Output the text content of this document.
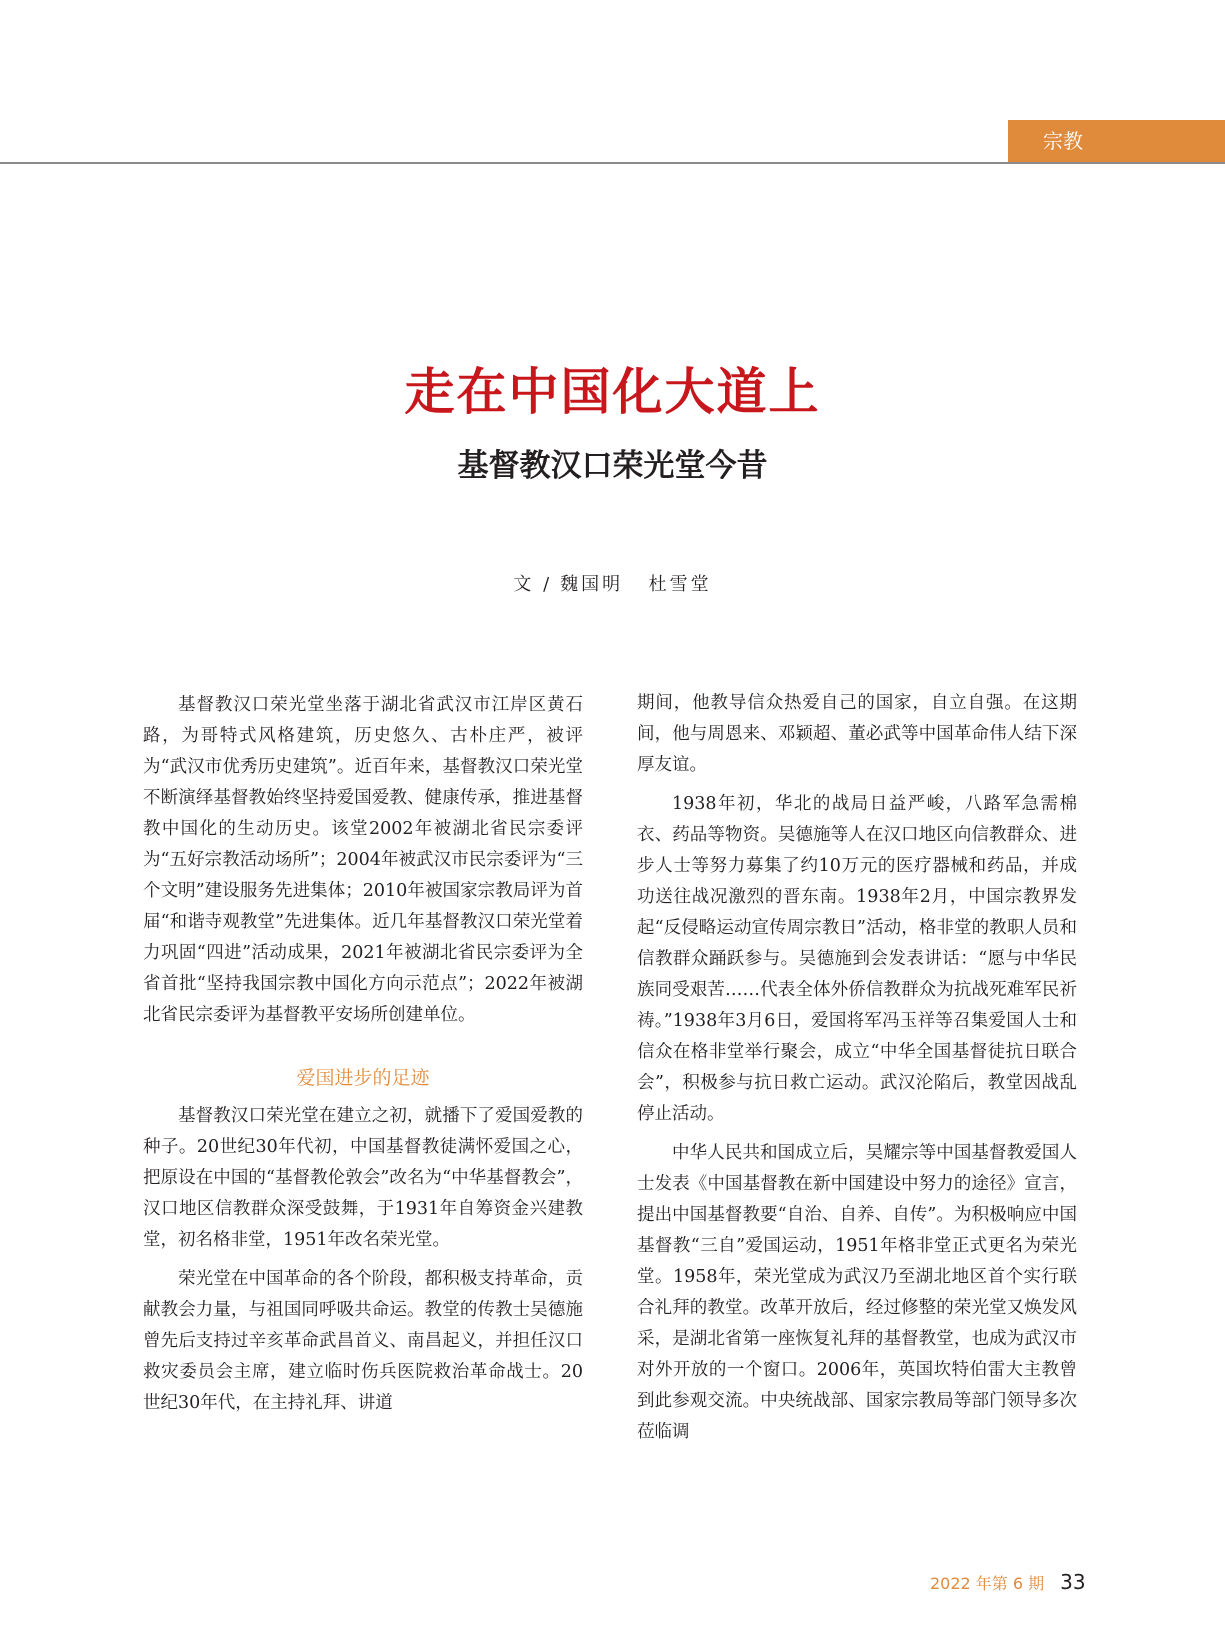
宗教
走在中国化大道上
基督教汉口荣光堂今昔
文 / 魏国明 杜雪堂

基督教汉口荣光堂坐落于湖北省武汉市江岸区黄石路，为哥特式风格建筑，历史悠久、古朴庄严，被评为“武汉市优秀历史建筑”。近百年来，基督教汉口荣光堂不断演绎基督教始终坚持爱国爱教、健康传承，推进基督教中国化的生动历史。该堂2002年被湖北省民宗委评为“五好宗教活动场所”；2004年被武汉市民宗委评为“三个文明”建设服务先进集体；2010年被国家宗教局评为首届“和谐寺观教堂”先进集体。近几年基督教汉口荣光堂着力巩固“四进”活动成果，2021年被湖北省民宗委评为全省首批“坚持我国宗教中国化方向示范点”；2022年被湖北省民宗委评为基督教平安场所创建单位。

爱国进步的足迹

基督教汉口荣光堂在建立之初，就播下了爱国爱教的种子。20世纪30年代初，中国基督教徒满怀爱国之心，把原设在中国的“基督教伦敦会”改名为“中华基督教会”，汉口地区信教群众深受鼓舞，于1931年自筹资金兴建教堂，初名格非堂，1951年改名荣光堂。

荣光堂在中国革命的各个阶段，都积极支持革命，贡献教会力量，与祖国同呼吸共命运。教堂的传教士吴德施曾先后支持过辛亥革命武昌首义、南昌起义，并担任汉口救灾委员会主席，建立临时伤兵医院救治革命战士。20世纪30年代，在主持礼拜、讲道

期间，他教导信众热爱自己的国家，自立自强。在这期间，他与周恩来、邓颖超、董必武等中国革命伟人结下深厚友谊。

1938年初，华北的战局日益严峻，八路军急需棉衣、药品等物资。吴德施等人在汉口地区向信教群众、进步人士等努力募集了约10万元的医疗器械和药品，并成功送往战况激烈的晋东南。1938年2月，中国宗教界发起“反侵略运动宣传周宗教日”活动，格非堂的教职人员和信教群众踊跃参与。吴德施到会发表讲话：“愿与中华民族同受艰苦……代表全体外侨信教群众为抗战死难军民祈祷。”1938年3月6日，爱国将军冯玉祥等召集爱国人士和信众在格非堂举行聚会，成立“中华全国基督徒抗日联合会”，积极参与抗日救亡运动。武汉沦陷后，教堂因战乱停止活动。

中华人民共和国成立后，吴耀宗等中国基督教爱国人士发表《中国基督教在新中国建设中努力的途径》宣言，提出中国基督教要“自治、自养、自传”。为积极响应中国基督教“三自”爱国运动，1951年格非堂正式更名为荣光堂。1958年，荣光堂成为武汉乃至湖北地区首个实行联合礼拜的教堂。改革开放后，经过修整的荣光堂又焕发风采，是湖北省第一座恢复礼拜的基督教堂，也成为武汉市对外开放的一个窗口。2006年，英国坎特伯雷大主教曾到此参观交流。中央统战部、国家宗教局等部门领导多次莅临调

2022 年第 6 期 33
